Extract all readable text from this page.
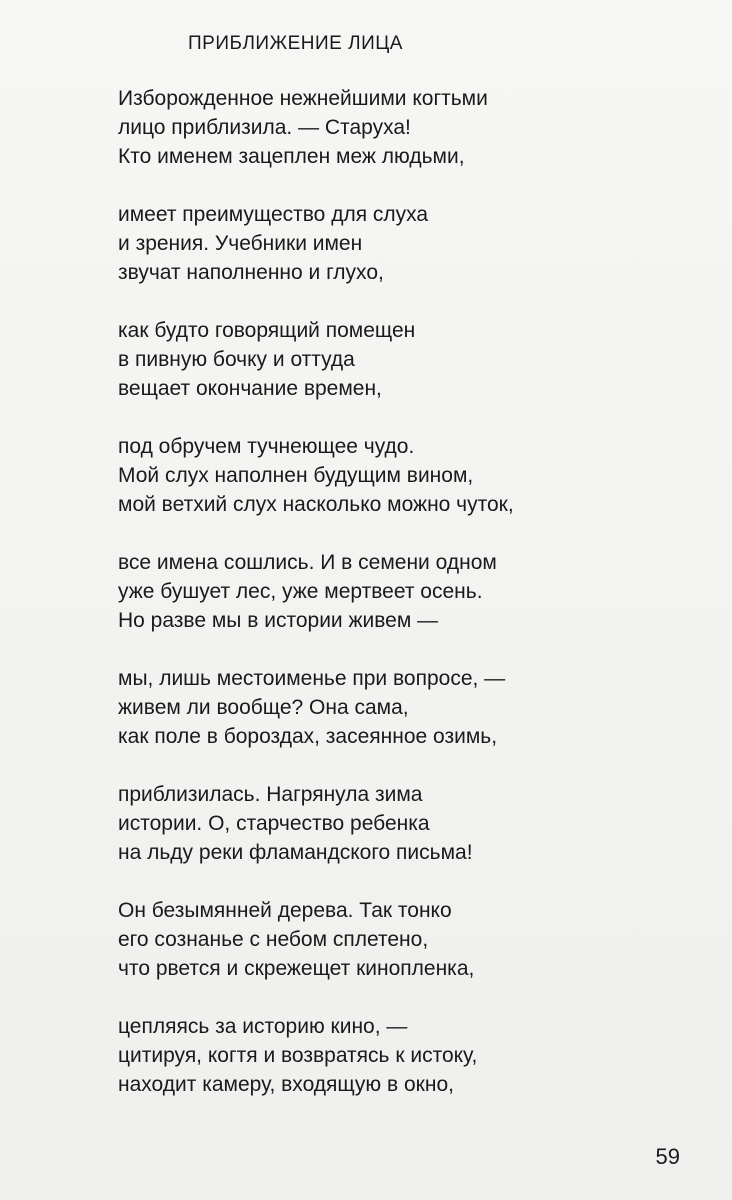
ПРИБЛИЖЕНИЕ ЛИЦА
Изборожденное нежнейшими когтьми
лицо приблизила. — Старуха!
Кто именем зацеплен меж людьми,
имеет преимущество для слуха
и зрения. Учебники имен
звучат наполненно и глухо,
как будто говорящий помещен
в пивную бочку и оттуда
вещает окончание времен,
под обручем тучнеющее чудо.
Мой слух наполнен будущим вином,
мой ветхий слух насколько можно чуток,
все имена сошлись. И в семени одном
уже бушует лес, уже мертвеет осень.
Но разве мы в истории живем —
мы, лишь местоименье при вопросе, —
живем ли вообще? Она сама,
как поле в бороздах, засеянное озимь,
приблизилась. Нагрянула зима
истории. О, старчество ребенка
на льду реки фламандского письма!
Он безымянней дерева. Так тонко
его сознанье с небом сплетено,
что рвется и скрежещет кинопленка,
цепляясь за историю кино, —
цитируя, когтя и возвратясь к истоку,
находит камеру, входящую в окно,
59
